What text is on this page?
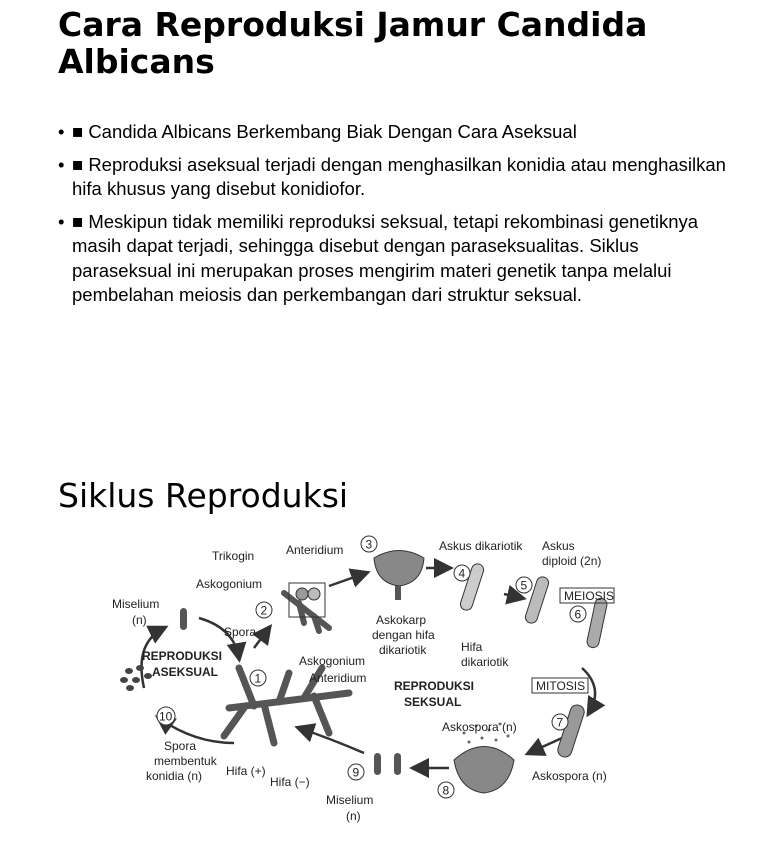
Cara Reproduksi Jamur Candida Albicans
• ■ Candida Albicans Berkembang Biak Dengan Cara Aseksual
• ■ Reproduksi aseksual terjadi dengan menghasilkan konidia atau menghasilkan hifa khusus yang disebut konidiofor.
• ■ Meskipun tidak memiliki reproduksi seksual, tetapi rekombinasi genetiknya masih dapat terjadi, sehingga disebut dengan paraseksualitas. Siklus paraseksual ini merupakan proses mengirim materi genetik tanpa melalui pembelahan meiosis dan perkembangan dari struktur seksual.
Siklus Reproduksi
Trikogin	Anteridium
Askogonium
Miselium
(n)
Spora
REPRODUKSI
ASEKSUAL
Askogonium
Anteridium
Askokarp
dengan hifa
dikariotik
Askus dikariotik Askus
diploid (2n)
MEIOSIS
Hifa
dikariotik
MITOSIS
REPRODUKSI
SEKSUAL
Askospora (n)
Askospora (n)
Spora
membentuk
konidia (n) Hifa (+)
Hifa (−)
Miselium
(n)
1
2
3
4
5
6
7
8
9
10
